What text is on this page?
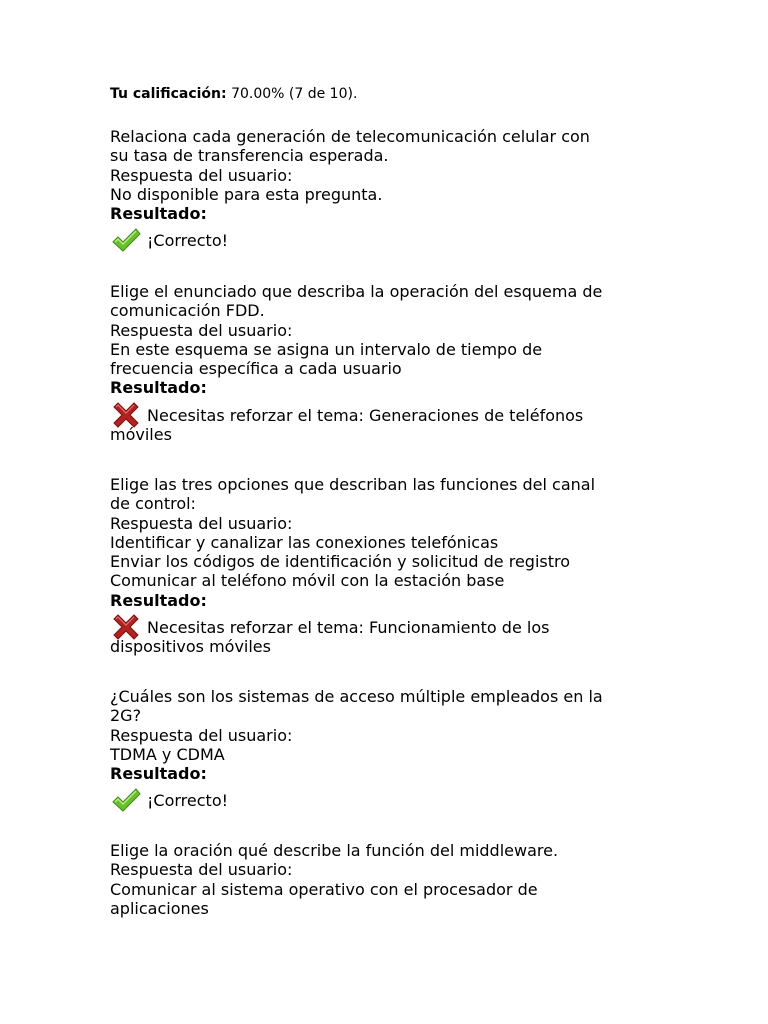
Tu calificación: 70.00% (7 de 10).
Relaciona cada generación de telecomunicación celular con
su tasa de transferencia esperada.
Respuesta del usuario:
No disponible para esta pregunta.
Resultado:
¡Correcto!
Elige el enunciado que describa la operación del esquema de
comunicación FDD.
Respuesta del usuario:
En este esquema se asigna un intervalo de tiempo de
frecuencia específica a cada usuario
Resultado:
Necesitas reforzar el tema: Generaciones de teléfonos
móviles
Elige las tres opciones que describan las funciones del canal
de control:
Respuesta del usuario:
Identificar y canalizar las conexiones telefónicas
Enviar los códigos de identificación y solicitud de registro
Comunicar al teléfono móvil con la estación base
Resultado:
Necesitas reforzar el tema: Funcionamiento de los
dispositivos móviles
¿Cuáles son los sistemas de acceso múltiple empleados en la
2G?
Respuesta del usuario:
TDMA y CDMA
Resultado:
¡Correcto!
Elige la oración qué describe la función del middleware.
Respuesta del usuario:
Comunicar al sistema operativo con el procesador de
aplicaciones
